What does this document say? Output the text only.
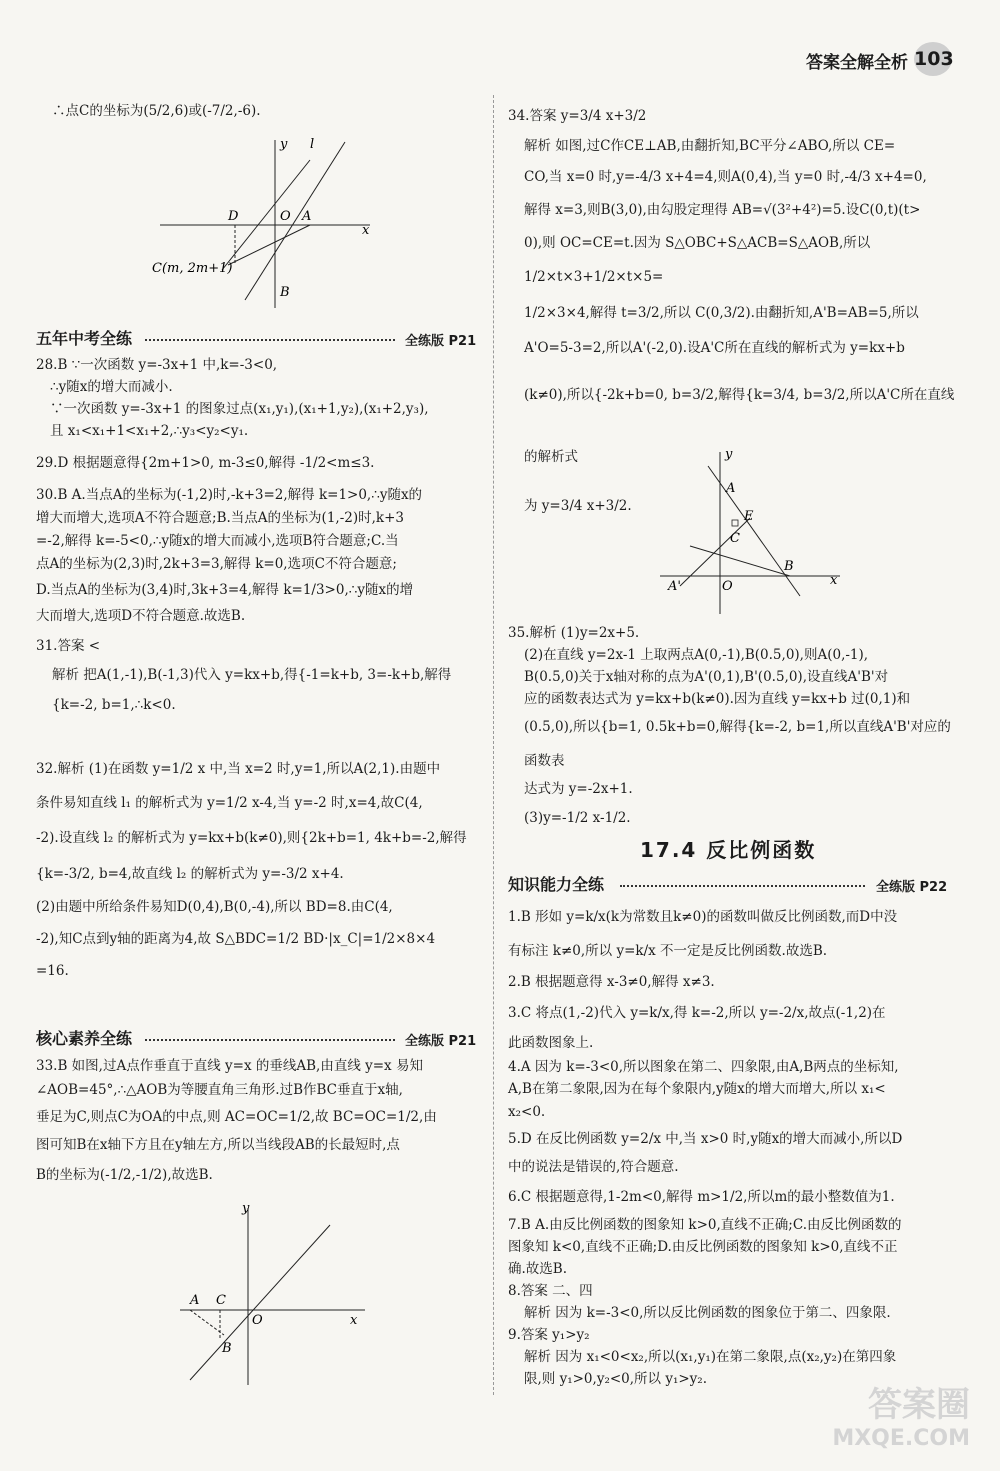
答案全解全析 103

∴点C的坐标为(5/2,6)或(-7/2,-6).

y l
D	O A
x
C(m, 2m+1)
B
五年中考全练	全练版 P21

28.B ∵一次函数 y=-3x+1 中,k=-3<0,

∴y随x的增大而减小.

∵一次函数 y=-3x+1 的图象过点(x₁,y₁),(x₁+1,y₂),(x₁+2,y₃),

且 x₁<x₁+1<x₁+2,∴y₃<y₂<y₁.

29.D 根据题意得{2m+1>0, m-3≤0,解得 -1/2<m≤3.

30.B A.当点A的坐标为(-1,2)时,-k+3=2,解得 k=1>0,∴y随x的

增大而增大,选项A不符合题意;B.当点A的坐标为(1,-2)时,k+3

=-2,解得 k=-5<0,∴y随x的增大而减小,选项B符合题意;C.当

点A的坐标为(2,3)时,2k+3=3,解得 k=0,选项C不符合题意;

D.当点A的坐标为(3,4)时,3k+3=4,解得 k=1/3>0,∴y随x的增

大而增大,选项D不符合题意.故选B.

31.答案 <

解析 把A(1,-1),B(-1,3)代入 y=kx+b,得{-1=k+b, 3=-k+b,解得

{k=-2, b=1,∴k<0.

32.解析 (1)在函数 y=1/2 x 中,当 x=2 时,y=1,所以A(2,1).由题中

条件易知直线 l₁ 的解析式为 y=1/2 x-4,当 y=-2 时,x=4,故C(4,

-2).设直线 l₂ 的解析式为 y=kx+b(k≠0),则{2k+b=1, 4k+b=-2,解得

{k=-3/2, b=4,故直线 l₂ 的解析式为 y=-3/2 x+4.

(2)由题中所给条件易知D(0,4),B(0,-4),所以 BD=8.由C(4,

-2),知C点到y轴的距离为4,故 S△BDC=1/2 BD·|x_C|=1/2×8×4

=16.

核心素养全练	全练版 P21

33.B 如图,过A点作垂直于直线 y=x 的垂线AB,由直线 y=x 易知

∠AOB=45°,∴△AOB为等腰直角三角形.过B作BC垂直于x轴,

垂足为C,则点C为OA的中点,则 AC=OC=1/2,故 BC=OC=1/2,由

图可知B在x轴下方且在y轴左方,所以当线段AB的长最短时,点

B的坐标为(-1/2,-1/2),故选B.

y
A C
O	x
B

34.答案 y=3/4 x+3/2

解析 如图,过C作CE⊥AB,由翻折知,BC平分∠ABO,所以 CE=

CO,当 x=0 时,y=-4/3 x+4=4,则A(0,4),当 y=0 时,-4/3 x+4=0,

解得 x=3,则B(3,0),由勾股定理得 AB=√(3²+4²)=5.设C(0,t)(t>

0),则 OC=CE=t.因为 S△OBC+S△ACB=S△AOB,所以 1/2×t×3+1/2×t×5=

1/2×3×4,解得 t=3/2,所以 C(0,3/2).由翻折知,A'B=AB=5,所以

A'O=5-3=2,所以A'(-2,0).设A'C所在直线的解析式为 y=kx+b

(k≠0),所以{-2k+b=0, b=3/2,解得{k=3/4, b=3/2,所以A'C所在直线的解析式

为 y=3/4 x+3/2.

y
A
E
C
B
A'	O	x

35.解析 (1)y=2x+5.

(2)在直线 y=2x-1 上取两点A(0,-1),B(0.5,0),则A(0,-1),

B(0.5,0)关于x轴对称的点为A'(0,1),B'(0.5,0),设直线A'B'对

应的函数表达式为 y=kx+b(k≠0).因为直线 y=kx+b 过(0,1)和

(0.5,0),所以{b=1, 0.5k+b=0,解得{k=-2, b=1,所以直线A'B'对应的函数表

达式为 y=-2x+1.

(3)y=-1/2 x-1/2.

17.4 反比例函数
知识能力全练	全练版 P22

1.B 形如 y=k/x(k为常数且k≠0)的函数叫做反比例函数,而D中没

有标注 k≠0,所以 y=k/x 不一定是反比例函数.故选B.

2.B 根据题意得 x-3≠0,解得 x≠3.

3.C 将点(1,-2)代入 y=k/x,得 k=-2,所以 y=-2/x,故点(-1,2)在

此函数图象上.

4.A 因为 k=-3<0,所以图象在第二、四象限,由A,B两点的坐标知,

A,B在第二象限,因为在每个象限内,y随x的增大而增大,所以 x₁<

x₂<0.

5.D 在反比例函数 y=2/x 中,当 x>0 时,y随x的增大而减小,所以D

中的说法是错误的,符合题意.

6.C 根据题意得,1-2m<0,解得 m>1/2,所以m的最小整数值为1.

7.B A.由反比例函数的图象知 k>0,直线不正确;C.由反比例函数的

图象知 k<0,直线不正确;D.由反比例函数的图象知 k>0,直线不正

确.故选B.

8.答案 二、四

解析 因为 k=-3<0,所以反比例函数的图象位于第二、四象限.

9.答案 y₁>y₂

解析 因为 x₁<0<x₂,所以(x₁,y₁)在第二象限,点(x₂,y₂)在第四象

限,则 y₁>0,y₂<0,所以 y₁>y₂.

答案圈
MXQE.COM
